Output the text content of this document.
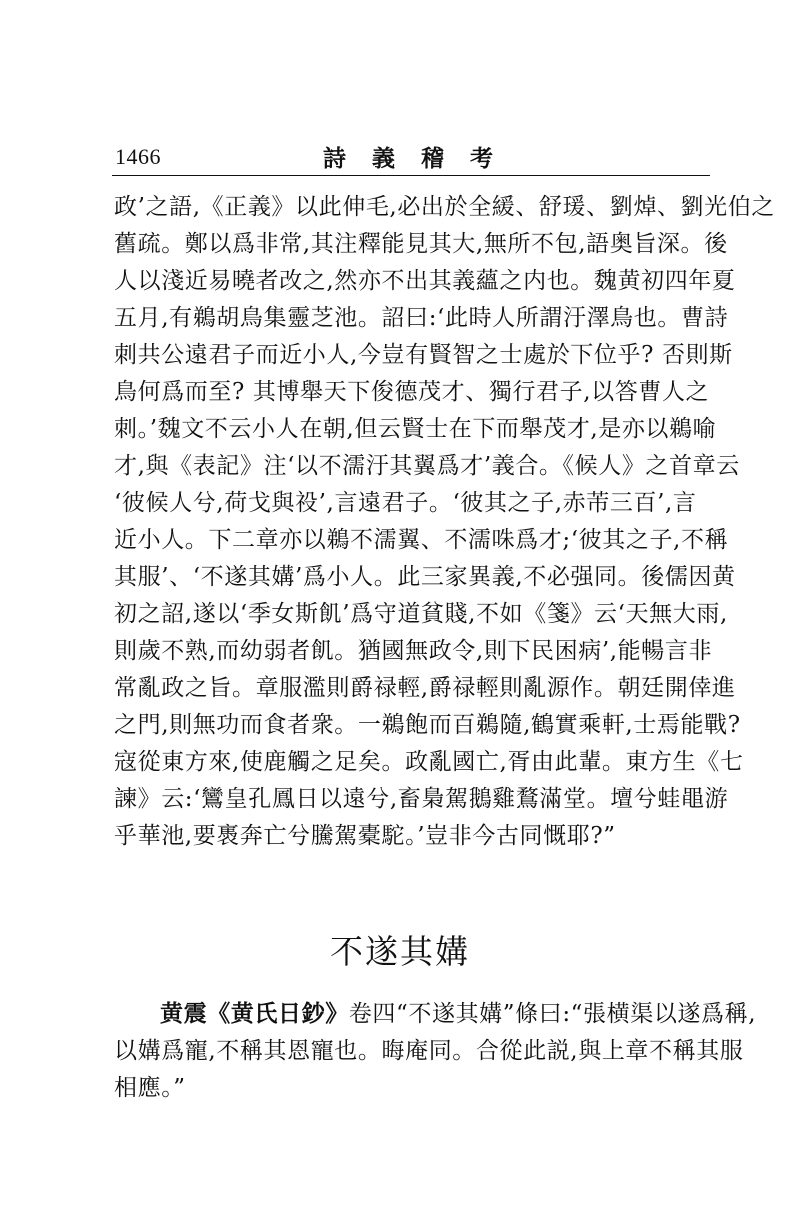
1466	詩 義 稽 考
政’之語,《正義》以此伸毛,必出於全緩、舒瑗、劉焯、劉光伯之
舊疏。鄭以爲非常,其注釋能見其大,無所不包,語奥旨深。後
人以淺近易曉者改之,然亦不出其義蘊之内也。魏黄初四年夏
五月,有鵜胡鳥集靈芝池。詔曰:‘此時人所謂汙澤鳥也。曹詩
刺共公遠君子而近小人,今豈有賢智之士處於下位乎? 否則斯
鳥何爲而至? 其博舉天下俊德茂才、獨行君子,以答曹人之
刺。’魏文不云小人在朝,但云賢士在下而舉茂才,是亦以鵜喻
才,與《表記》注‘以不濡汙其翼爲才’義合。《候人》之首章云
‘彼候人兮,荷戈與祋’,言遠君子。‘彼其之子,赤芾三百’,言
近小人。下二章亦以鵜不濡翼、不濡咮爲才;‘彼其之子,不稱
其服’、‘不遂其媾’爲小人。此三家異義,不必强同。後儒因黄
初之詔,遂以‘季女斯飢’爲守道貧賤,不如《箋》云‘天無大雨,
則歲不熟,而幼弱者飢。猶國無政令,則下民困病’,能暢言非
常亂政之旨。章服濫則爵禄輕,爵禄輕則亂源作。朝廷開倖進
之門,則無功而食者衆。一鵜飽而百鵜隨,鶴實乘軒,士焉能戰?
寇從東方來,使鹿觸之足矣。政亂國亡,胥由此輩。東方生《七
諫》云:‘鸞皇孔鳳日以遠兮,畜梟駕鵝雞鶩滿堂。壇兮蛙黽游
乎華池,要褭奔亡兮騰駕橐駝。’豈非今古同慨耶?”
不遂其媾
黄震《黄氏日鈔》卷四“不遂其媾”條曰:“張横渠以遂爲稱,
以媾爲寵,不稱其恩寵也。晦庵同。合從此説,與上章不稱其服
相應。”
